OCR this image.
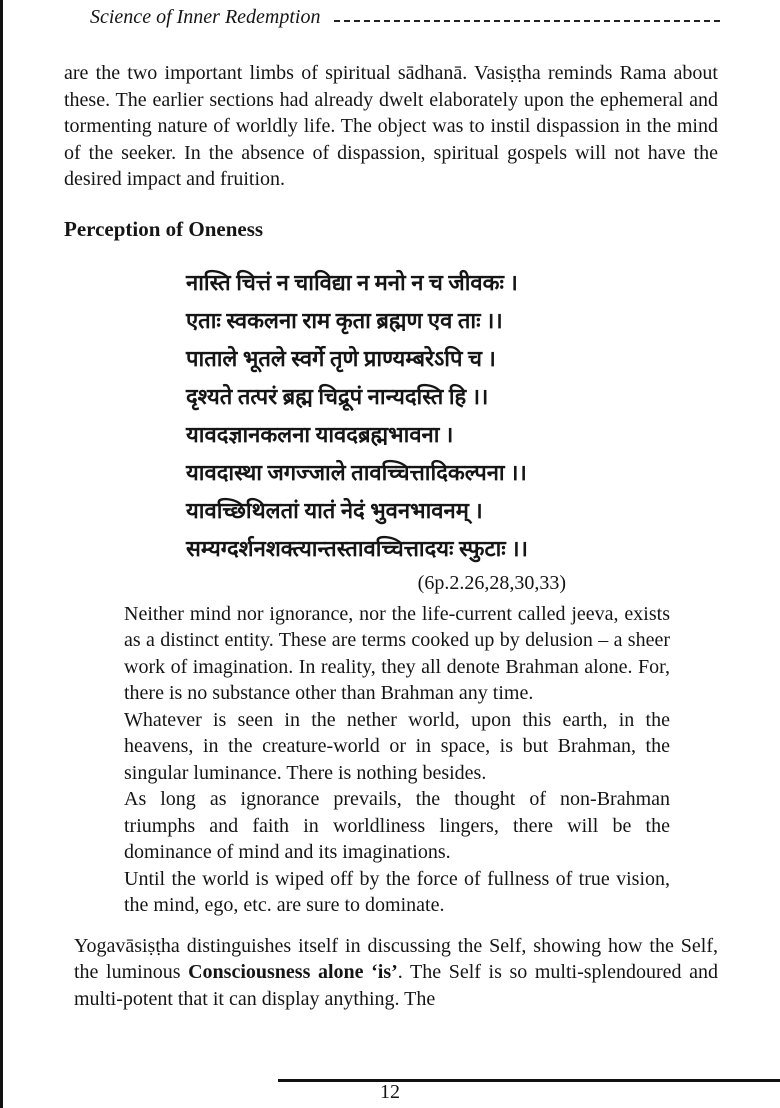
Science of Inner Redemption

are the two important limbs of spiritual sādhanā. Vasiṣṭha reminds Rama about these. The earlier sections had already dwelt elaborately upon the ephemeral and tormenting nature of worldly life. The object was to instil dispassion in the mind of the seeker. In the absence of dispassion, spiritual gospels will not have the desired impact and fruition.

Perception of Oneness
नास्ति चित्तं न चाविद्या न मनो न च जीवकः ।
एताः स्वकलना राम कृता ब्रह्मण एव ताः ।।
पाताले भूतले स्वर्गे तृणे प्राण्यम्बरेऽपि च ।
दृश्यते तत्परं ब्रह्म चिद्रूपं नान्यदस्ति हि ।।
यावदज्ञानकलना यावदब्रह्मभावना ।
यावदास्था जगज्जाले तावच्चित्तादिकल्पना ।।
यावच्छिथिलतां यातं नेदं भुवनभावनम् ।
सम्यग्दर्शनशक्त्यान्तस्तावच्चित्तादयः स्फुटाः ।।
(6p.2.26,28,30,33)

Neither mind nor ignorance, nor the life-current called jeeva, exists as a distinct entity. These are terms cooked up by delusion – a sheer work of imagination. In reality, they all denote Brahman alone. For, there is no substance other than Brahman any time.

Whatever is seen in the nether world, upon this earth, in the heavens, in the creature-world or in space, is but Brahman, the singular luminance. There is nothing besides.

As long as ignorance prevails, the thought of non-Brahman triumphs and faith in worldliness lingers, there will be the dominance of mind and its imaginations.

Until the world is wiped off by the force of fullness of true vision, the mind, ego, etc. are sure to dominate.

Yogavāsiṣṭha distinguishes itself in discussing the Self, showing how the Self, the luminous Consciousness alone ‘is’. The Self is so multi-splendoured and multi-potent that it can display anything. The

12
